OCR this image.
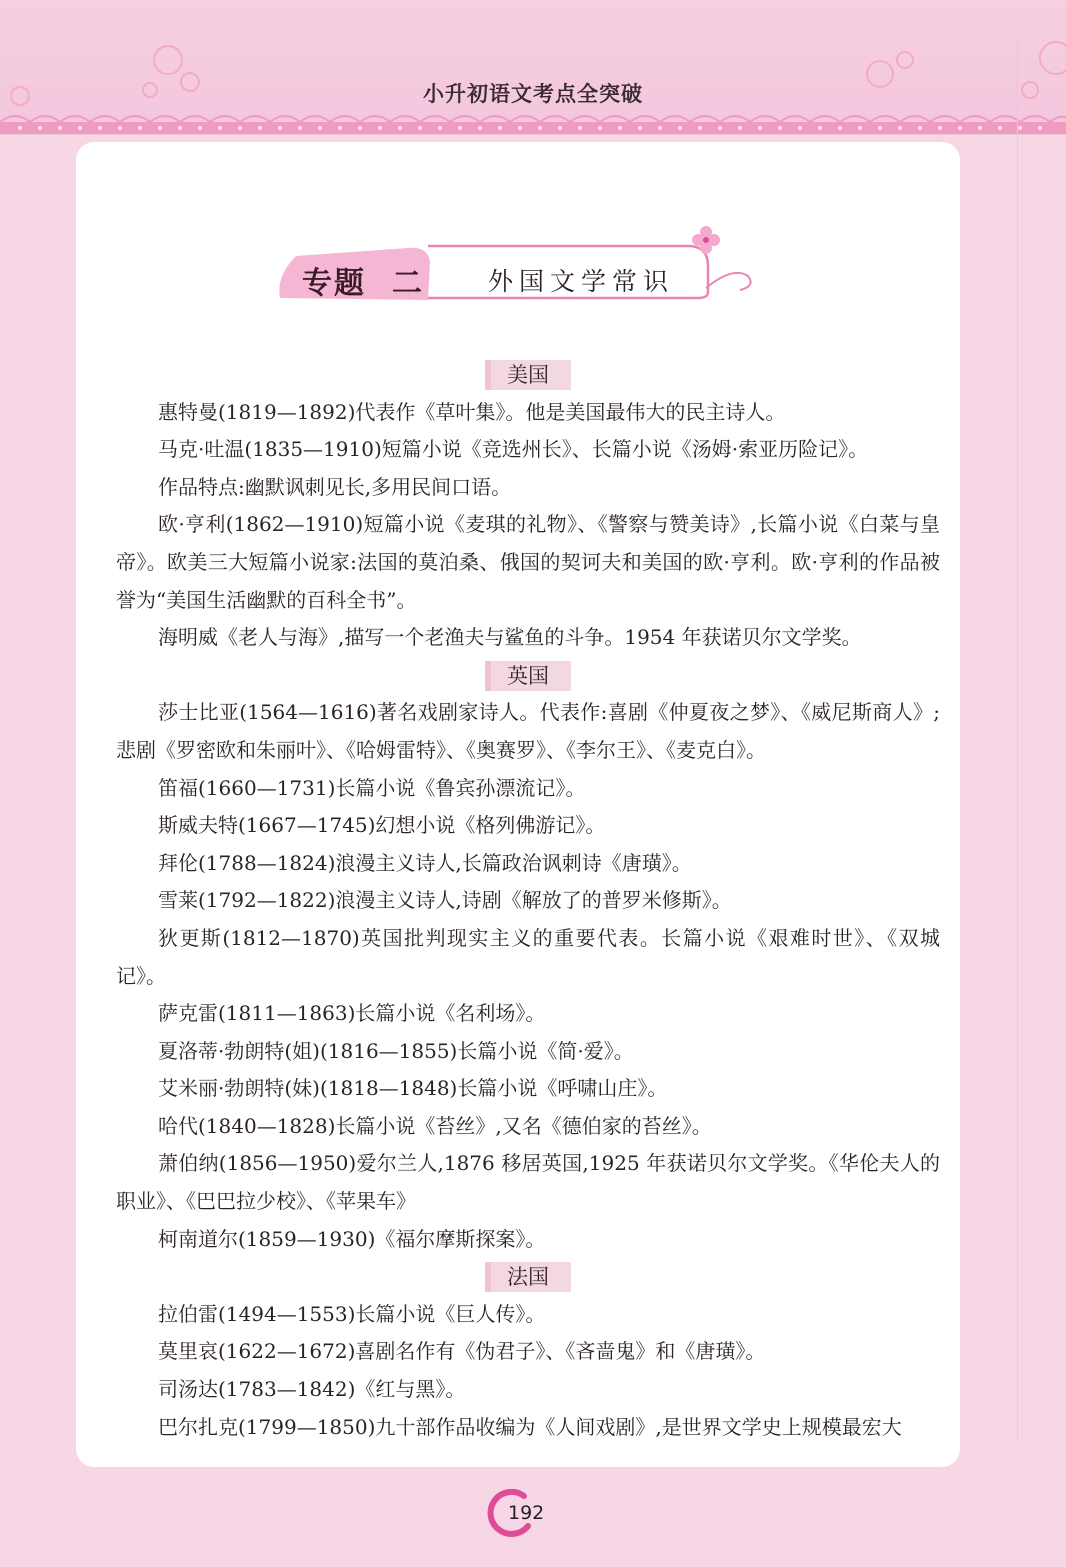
小升初语文考点全突破
专题 二	外国文学常识
美国

惠特曼(1819—1892)代表作《草叶集》。他是美国最伟大的民主诗人。

马克·吐温(1835—1910)短篇小说《竞选州长》、长篇小说《汤姆·索亚历险记》。

作品特点:幽默讽刺见长,多用民间口语。

欧·亨利(1862—1910)短篇小说《麦琪的礼物》、《警察与赞美诗》,长篇小说《白菜与皇帝》。欧美三大短篇小说家:法国的莫泊桑、俄国的契诃夫和美国的欧·亨利。欧·亨利的作品被誉为“美国生活幽默的百科全书”。

海明威《老人与海》,描写一个老渔夫与鲨鱼的斗争。1954 年获诺贝尔文学奖。

英国

莎士比亚(1564—1616)著名戏剧家诗人。代表作:喜剧《仲夏夜之梦》、《威尼斯商人》;悲剧《罗密欧和朱丽叶》、《哈姆雷特》、《奥赛罗》、《李尔王》、《麦克白》。

笛福(1660—1731)长篇小说《鲁宾孙漂流记》。

斯威夫特(1667—1745)幻想小说《格列佛游记》。

拜伦(1788—1824)浪漫主义诗人,长篇政治讽刺诗《唐璜》。

雪莱(1792—1822)浪漫主义诗人,诗剧《解放了的普罗米修斯》。

狄更斯(1812—1870)英国批判现实主义的重要代表。长篇小说《艰难时世》、《双城记》。

萨克雷(1811—1863)长篇小说《名利场》。

夏洛蒂·勃朗特(姐)(1816—1855)长篇小说《简·爱》。

艾米丽·勃朗特(妹)(1818—1848)长篇小说《呼啸山庄》。

哈代(1840—1828)长篇小说《苔丝》,又名《德伯家的苔丝》。

萧伯纳(1856—1950)爱尔兰人,1876 移居英国,1925 年获诺贝尔文学奖。《华伦夫人的职业》、《巴巴拉少校》、《苹果车》

柯南道尔(1859—1930)《福尔摩斯探案》。

法国

拉伯雷(1494—1553)长篇小说《巨人传》。

莫里哀(1622—1672)喜剧名作有《伪君子》、《吝啬鬼》和《唐璜》。

司汤达(1783—1842)《红与黑》。

巴尔扎克(1799—1850)九十部作品收编为《人间戏剧》,是世界文学史上规模最宏大

192
